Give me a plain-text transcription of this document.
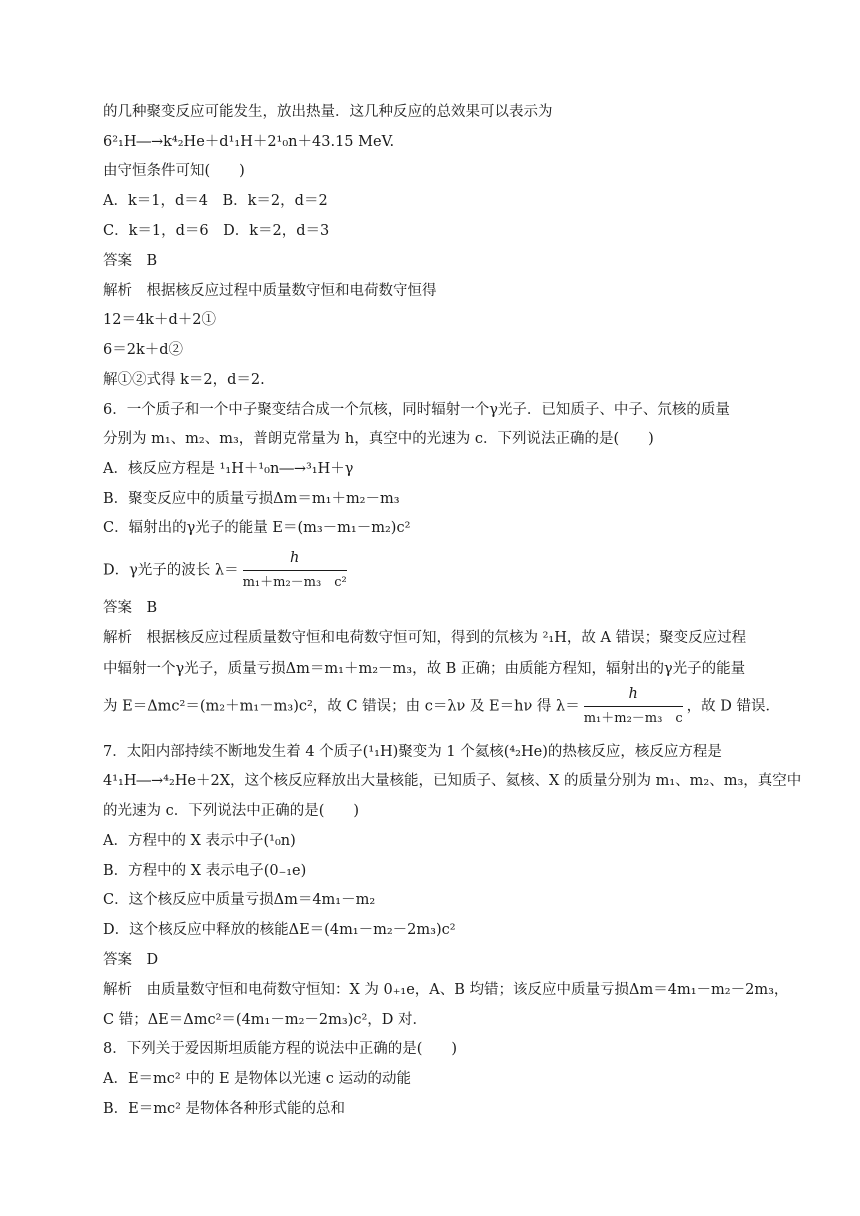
的几种聚变反应可能发生，放出热量．这几种反应的总效果可以表示为
6²₁H―→k⁴₂He＋d¹₁H＋2¹₀n＋43.15 MeV.
由守恒条件可知(　　)
A．k＝1，d＝4　B．k＝2，d＝2
C．k＝1，d＝6　D．k＝2，d＝3
答案　B
解析　根据核反应过程中质量数守恒和电荷数守恒得
12＝4k＋d＋2①
6＝2k＋d②
解①②式得 k＝2，d＝2.
6．一个质子和一个中子聚变结合成一个氘核，同时辐射一个γ光子．已知质子、中子、氘核的质量
分别为 m₁、m₂、m₃，普朗克常量为 h，真空中的光速为 c．下列说法正确的是(　　)
A．核反应方程是 ¹₁H＋¹₀n―→³₁H＋γ
B．聚变反应中的质量亏损Δm＝m₁＋m₂－m₃
C．辐射出的γ光子的能量 E＝(m₃－m₁－m₂)c²
D．γ光子的波长 $\lambda= \frac{h}{\text{m₁＋m₂－m₃　c²}}$
答案　B
解析　根据核反应过程质量数守恒和电荷数守恒可知，得到的氘核为 ²₁H，故 A 错误；聚变反应过程
中辐射一个γ光子，质量亏损Δm＝m₁＋m₂－m₃，故 B 正确；由质能方程知，辐射出的γ光子的能量
为 E＝Δmc²＝(m₂＋m₁－m₃)c²，故 C 错误；由 c＝λν 及 E＝hν 得 $\lambda= \frac{h}{\text{m₁＋m₂－m₃　c}}$ ，故 D 错误．
7．太阳内部持续不断地发生着 4 个质子(¹₁H)聚变为 1 个氦核(⁴₂He)的热核反应，核反应方程是
4¹₁H―→⁴₂He＋2X，这个核反应释放出大量核能，已知质子、氦核、X 的质量分别为 m₁、m₂、m₃，真空中
的光速为 c．下列说法中正确的是(　　)
A．方程中的 X 表示中子(¹₀n)
B．方程中的 X 表示电子(0₋₁e)
C．这个核反应中质量亏损Δm＝4m₁－m₂
D．这个核反应中释放的核能ΔE＝(4m₁－m₂－2m₃)c²
答案　D
解析　由质量数守恒和电荷数守恒知：X 为 0₊₁e，A、B 均错；该反应中质量亏损Δm＝4m₁－m₂－2m₃，
C 错；ΔE＝Δmc²＝(4m₁－m₂－2m₃)c²，D 对．
8．下列关于爱因斯坦质能方程的说法中正确的是(　　)
A．E＝mc² 中的 E 是物体以光速 c 运动的动能
B．E＝mc² 是物体各种形式能的总和
